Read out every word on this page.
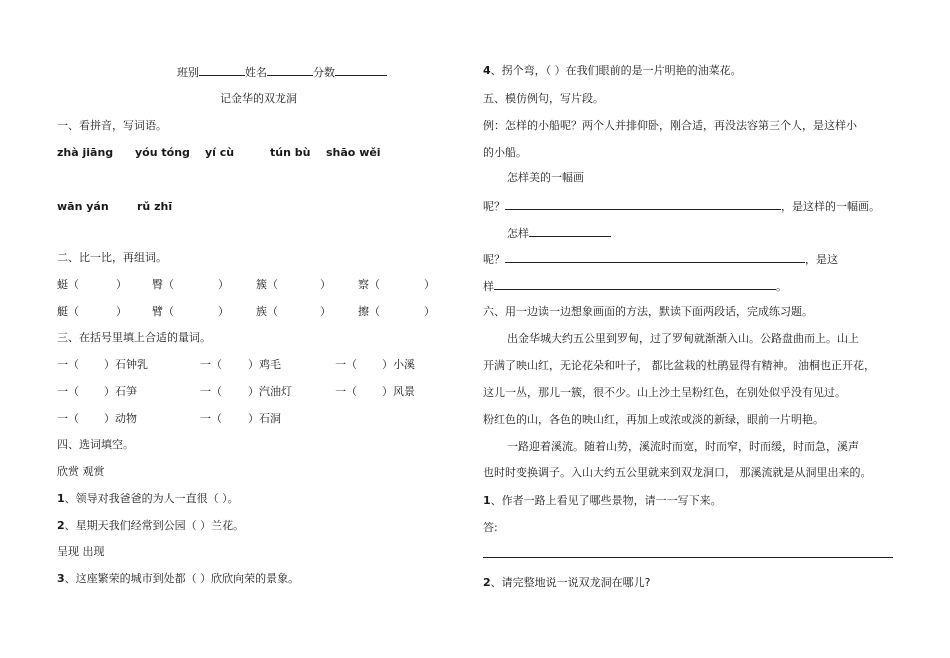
班别	姓名	分数
记金华的双龙洞
一、看拼音，写词语。
zhà jiāng yóu tóng yí cù	tún bù shāo wěi
wān yán	rǔ zhī
二、比一比，再组词。
蜓（	） 臀（	） 簇（	） 察（	）
艇（	） 臂（	） 族（	） 擦（	）
三、在括号里填上合适的量词。
一（ ）石钟乳	一（ ）鸡毛	一（ ）小溪
一（ ）石笋	一（ ）汽油灯	一（ ）风景
一（ ）动物	一（ ）石洞
四、选词填空。
欣赏 观赏
1、领导对我爸爸的为人一直很（ ）。
2、星期天我们经常到公园（ ）兰花。
呈现 出现
3、这座繁荣的城市到处都（ ）欣欣向荣的景象。
4、拐个弯，（ ）在我们眼前的是一片明艳的油菜花。
五、模仿例句，写片段。
例：怎样的小船呢？两个人并排仰卧，刚合适，再没法容第三个人，是这样小
的小船。
怎样美的一幅画
呢？	，是这样的一幅画。
怎样
呢？	，是这
样	。
六、用一边读一边想象画面的方法，默读下面两段话，完成练习题。
出金华城大约五公里到罗甸，过了罗甸就渐渐入山。公路盘曲而上。山上
开满了映山红，无论花朵和叶子， 都比盆栽的杜鹃显得有精神。 油桐也正开花，
这儿一丛，那儿一簇，很不少。山上沙土呈粉红色，在别处似乎没有见过。
粉红色的山，各色的映山红，再加上或浓或淡的新绿，眼前一片明艳。
一路迎着溪流。随着山势，溪流时而宽，时而窄，时而缓，时而急，溪声
也时时变换调子。入山大约五公里就来到双龙洞口， 那溪流就是从洞里出来的。
1、作者一路上看见了哪些景物，请一一写下来。
答:
2、请完整地说一说双龙洞在哪儿?
